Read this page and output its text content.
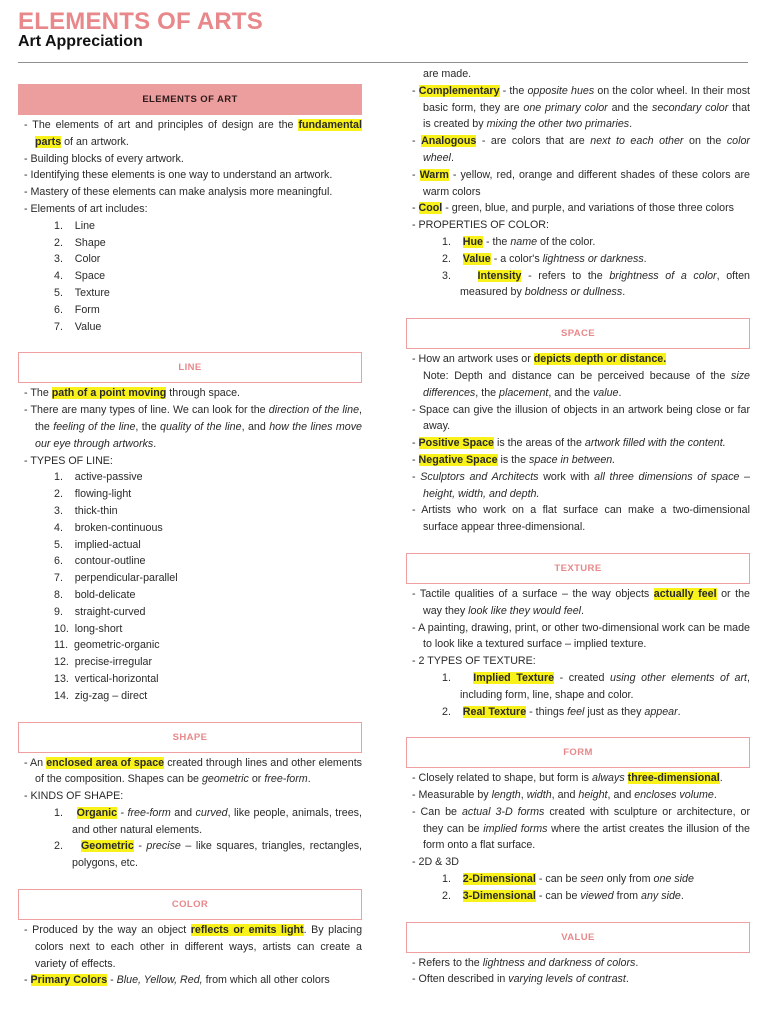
ELEMENTS OF ARTS
Art Appreciation
ELEMENTS OF ART

- The elements of art and principles of design are the fundamental parts of an artwork.

- Building blocks of every artwork.

- Identifying these elements is one way to understand an artwork.

- Mastery of these elements can make analysis more meaningful.

- Elements of art includes:

1.    Line
2.    Shape
3.    Color
4.    Space
5.    Texture
6.    Form
7.    Value
LINE

- The path of a point moving through space.

- There are many types of line. We can look for the direction of the line, the feeling of the line, the quality of the line, and how the lines move our eye through artworks.

- TYPES OF LINE:

1.    active-passive
2.    flowing-light
3.    thick-thin
4.    broken-continuous
5.    implied-actual
6.    contour-outline
7.    perpendicular-parallel
8.    bold-delicate
9.    straight-curved
10.  long-short
11.  geometric-organic
12.  precise-irregular
13.  vertical-horizontal
14.  zig-zag – direct
SHAPE

- An enclosed area of space created through lines and other elements of the composition. Shapes can be geometric or free-form.

- KINDS OF SHAPE:

1.    Organic - free-form and curved, like people, animals, trees, and other natural elements.
2.    Geometric - precise – like squares, triangles, rectangles, polygons, etc.
COLOR

- Produced by the way an object reflects or emits light. By placing colors next to each other in different ways, artists can create a variety of effects.

- Primary Colors - Blue, Yellow, Red, from which all other colors

are made.

- Complementary - the opposite hues on the color wheel. In their most basic form, they are one primary color and the secondary color that is created by mixing the other two primaries.

- Analogous - are colors that are next to each other on the color wheel.

- Warm - yellow, red, orange and different shades of these colors are warm colors

- Cool - green, blue, and purple, and variations of those three colors

- PROPERTIES OF COLOR:

1.    Hue - the name of the color.
2.    Value - a color's lightness or darkness.
3.    Intensity - refers to the brightness of a color, often measured by boldness or dullness.
SPACE

- How an artwork uses or depicts depth or distance.

Note: Depth and distance can be perceived because of the size differences, the placement, and the value.

- Space can give the illusion of objects in an artwork being close or far away.

- Positive Space is the areas of the artwork filled with the content.

- Negative Space is the space in between.

- Sculptors and Architects work with all three dimensions of space – height, width, and depth.

- Artists who work on a flat surface can make a two-dimensional surface appear three-dimensional.

TEXTURE

- Tactile qualities of a surface – the way objects actually feel or the way they look like they would feel.

- A painting, drawing, print, or other two-dimensional work can be made to look like a textured surface – implied texture.

- 2 TYPES OF TEXTURE:

1.    Implied Texture - created using other elements of art, including form, line, shape and color.
2.    Real Texture - things feel just as they appear.
FORM

- Closely related to shape, but form is always three-dimensional.

- Measurable by length, width, and height, and encloses volume.

- Can be actual 3-D forms created with sculpture or architecture, or they can be implied forms where the artist creates the illusion of the form onto a flat surface.

- 2D & 3D

1.    2-Dimensional - can be seen only from one side
2.    3-Dimensional - can be viewed from any side.
VALUE

- Refers to the lightness and darkness of colors.

- Often described in varying levels of contrast.
